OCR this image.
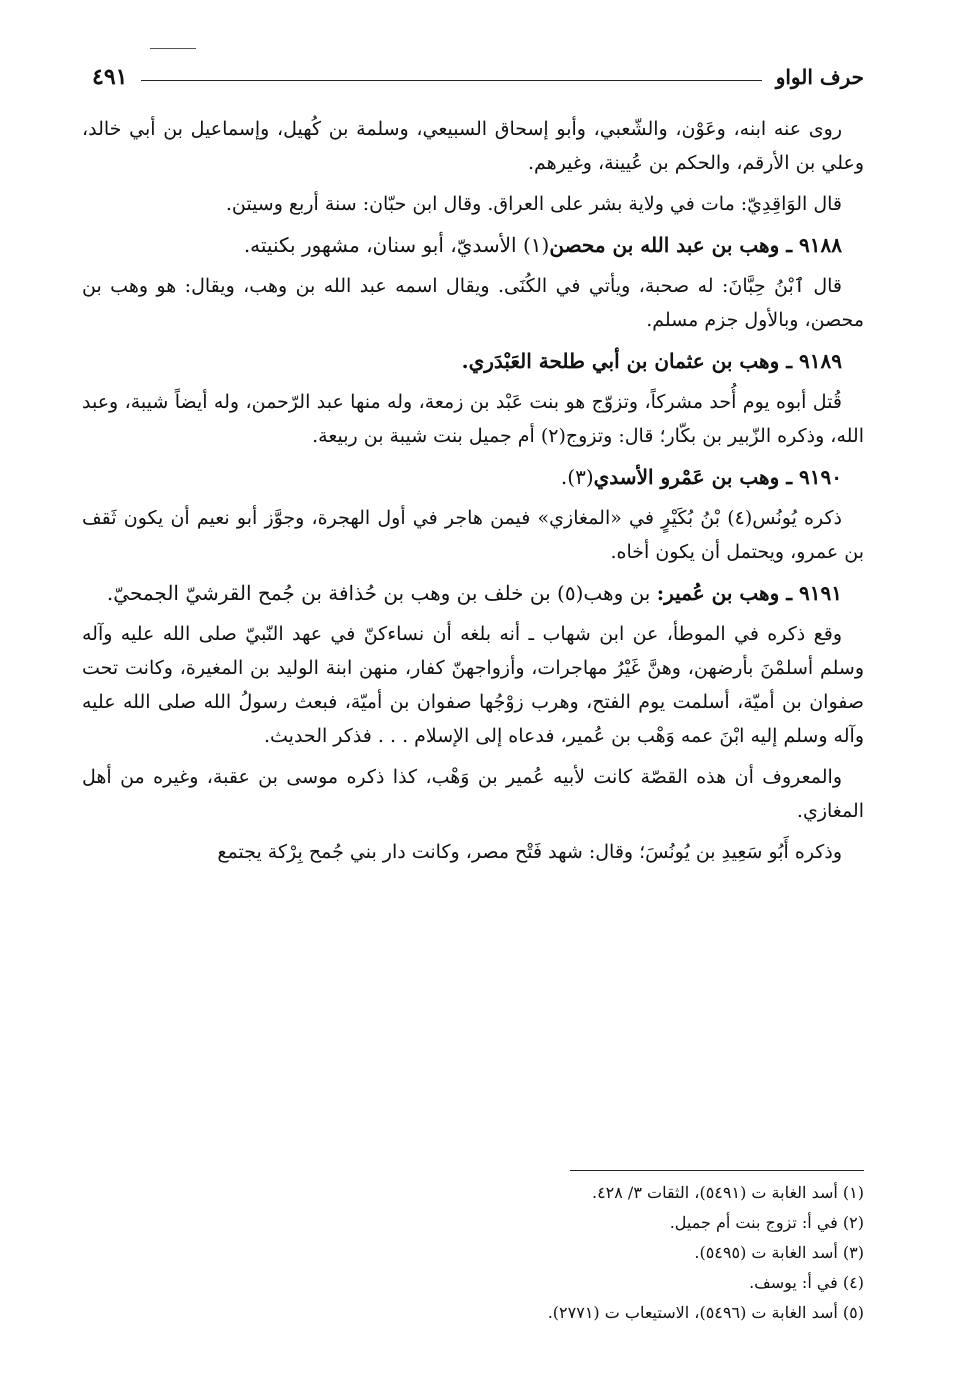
حرف الواو
٤٩١

روى عنه ابنه، وعَوْن، والشّعبي، وأبو إسحاق السبيعي، وسلمة بن كُهيل، وإسماعيل بن أبي خالد، وعلي بن الأرقم، والحكم بن عُيينة، وغيرهم.

قال الوَاقِدِيّ: مات في ولاية بشر على العراق. وقال ابن حبّان: سنة أربع وسيتن.

٩١٨٨ ـ وهب بن عبد الله بن محصن(١) الأسديّ، أبو سنان، مشهور بكنيته.

قال ٱبْنُ حِبَّانَ: له صحبة، ويأتي في الكُنَى. ويقال اسمه عبد الله بن وهب، ويقال: هو وهب بن محصن، وبالأول جزم مسلم.

٩١٨٩ ـ وهب بن عثمان بن أبي طلحة العَبْدَري.

قُتل أبوه يوم أُحد مشركاً، وتزوّج هو بنت عَبْد بن زمعة، وله منها عبد الرّحمن، وله أيضاً شيبة، وعبد الله، وذكره الزّبير بن بكّار؛ قال: وتزوج(٢) أم جميل بنت شيبة بن ربيعة.

٩١٩٠ ـ وهب بن عَمْرو الأسدي(٣).

ذكره يُونُس(٤) بْنُ بُكَيْرٍ في «المغازي» فيمن هاجر في أول الهجرة، وجوَّز أبو نعيم أن يكون ثَقف بن عمرو، ويحتمل أن يكون أخاه.

٩١٩١ ـ وهب بن عُمير: بن وهب(٥) بن خلف بن وهب بن حُذافة بن جُمح القرشيّ الجمحيّ.

وقع ذكره في الموطأ، عن ابن شهاب ـ أنه بلغه أن نساءكنّ في عهد النّبيّ صلى الله عليه وآله وسلم أسلمْنَ بأرضهن، وهنَّ غَيْرُ مهاجرات، وأزواجهنّ كفار، منهن ابنة الوليد بن المغيرة، وكانت تحت صفوان بن أميّة، أسلمت يوم الفتح، وهرب زوْجُها صفوان بن أميّة، فبعث رسولُ الله صلى الله عليه وآله وسلم إليه ابْنَ عمه وَهْب بن عُمير، فدعاه إلى الإسلام . . . فذكر الحديث.

والمعروف أن هذه القصّة كانت لأبيه عُمير بن وَهْب، كذا ذكره موسى بن عقبة، وغيره من أهل المغازي.

وذكره أَبُو سَعِيدِ بن يُونُسَ؛ وقال: شهد فَتْح مصر، وكانت دار بني جُمح بِرْكة يجتمع

(١) أسد الغابة ت (٥٤٩١)، الثقات ٣/ ٤٢٨.

(٢) في أ: تزوج بنت أم جميل.

(٣) أسد الغابة ت (٥٤٩٥).

(٤) في أ: يوسف.

(٥) أسد الغابة ت (٥٤٩٦)، الاستيعاب ت (٢٧٧١).
